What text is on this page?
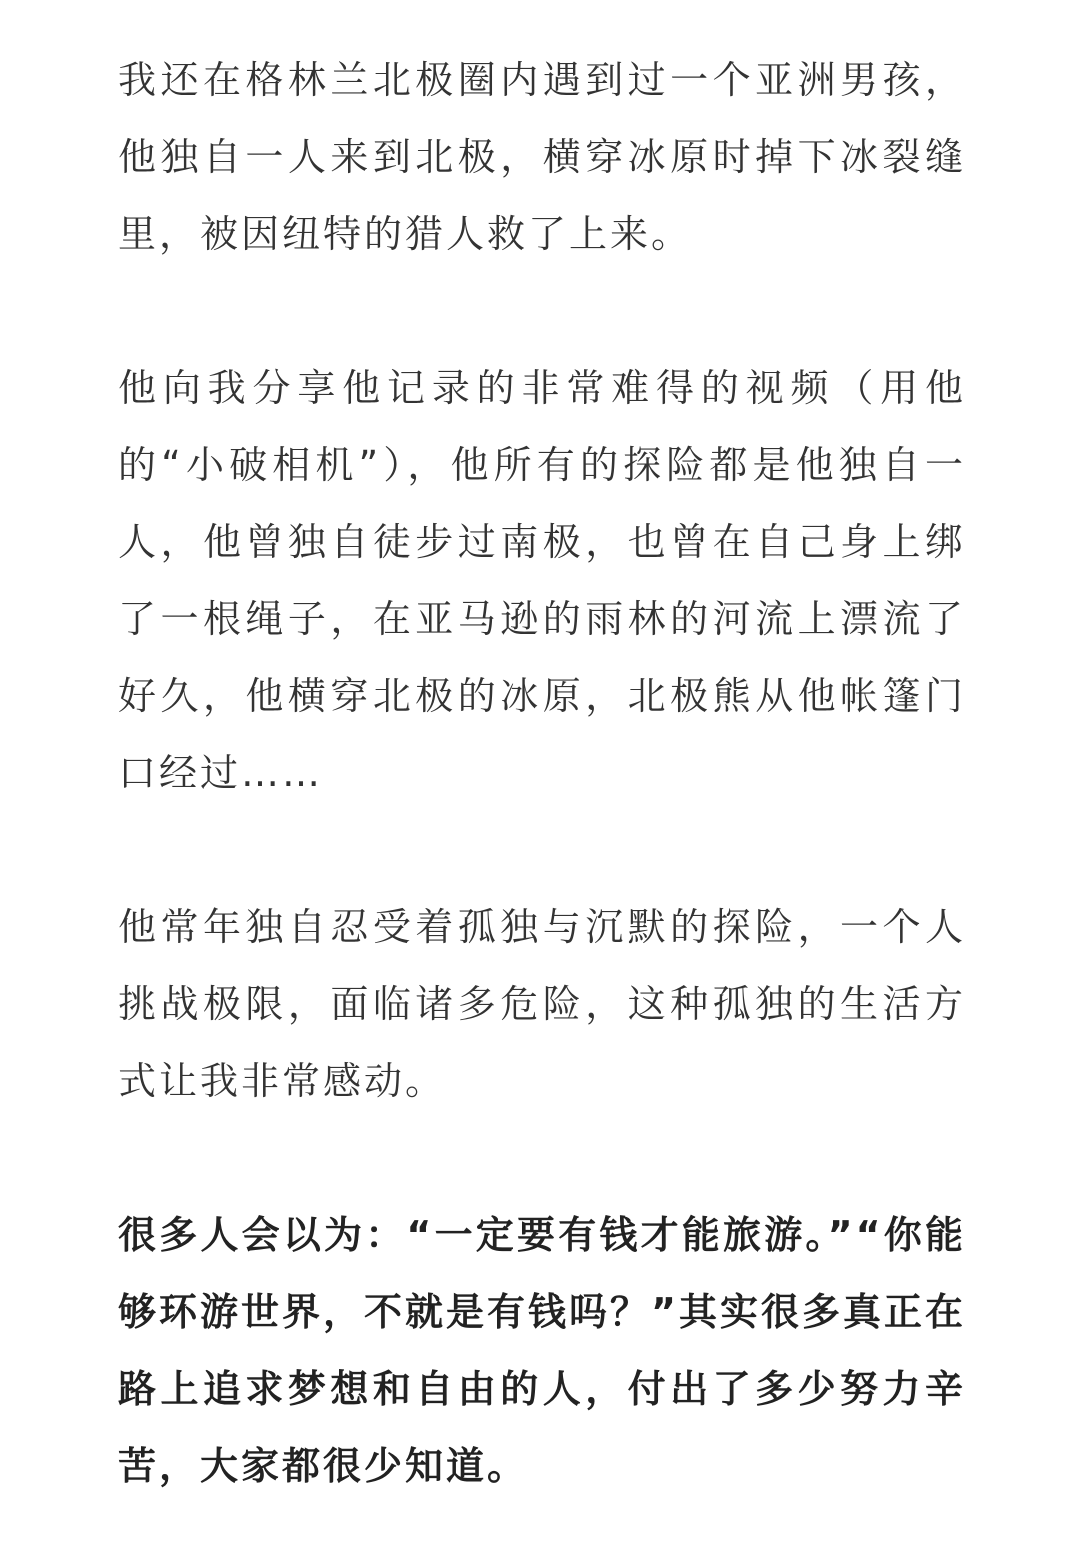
我还在格林兰北极圈内遇到过一个亚洲男孩，他独自一人来到北极，横穿冰原时掉下冰裂缝里，被因纽特的猎人救了上来。

他向我分享他记录的非常难得的视频（用他的“小破相机”），他所有的探险都是他独自一人，他曾独自徒步过南极，也曾在自己身上绑了一根绳子，在亚马逊的雨林的河流上漂流了好久，他横穿北极的冰原，北极熊从他帐篷门口经过……

他常年独自忍受着孤独与沉默的探险，一个人挑战极限，面临诸多危险，这种孤独的生活方式让我非常感动。

很多人会以为：“一定要有钱才能旅游。”“你能够环游世界，不就是有钱吗？”其实很多真正在路上追求梦想和自由的人，付出了多少努力辛苦，大家都很少知道。
